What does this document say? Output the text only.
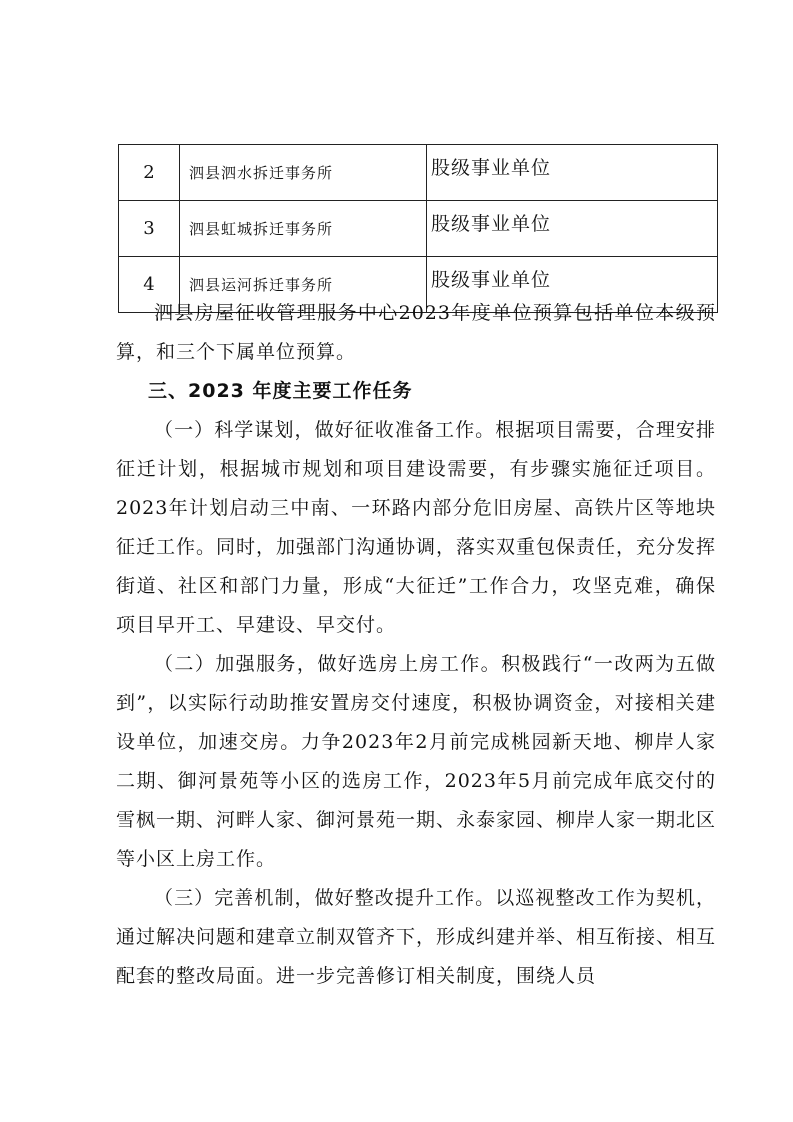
2	泗县泗水拆迁事务所	股级事业单位
3	泗县虹城拆迁事务所	股级事业单位
4	泗县运河拆迁事务所	股级事业单位

泗县房屋征收管理服务中心2023年度单位预算包括单位本级预算，和三个下属单位预算。

三、2023 年度主要工作任务

（一）科学谋划，做好征收准备工作。根据项目需要，合理安排征迁计划，根据城市规划和项目建设需要，有步骤实施征迁项目。2023年计划启动三中南、一环路内部分危旧房屋、高铁片区等地块征迁工作。同时，加强部门沟通协调，落实双重包保责任，充分发挥街道、社区和部门力量，形成“大征迁”工作合力，攻坚克难，确保项目早开工、早建设、早交付。

（二）加强服务，做好选房上房工作。积极践行“一改两为五做到”，以实际行动助推安置房交付速度，积极协调资金，对接相关建设单位，加速交房。力争2023年2月前完成桃园新天地、柳岸人家二期、御河景苑等小区的选房工作，2023年5月前完成年底交付的雪枫一期、河畔人家、御河景苑一期、永泰家园、柳岸人家一期北区等小区上房工作。

（三）完善机制，做好整改提升工作。以巡视整改工作为契机，通过解决问题和建章立制双管齐下，形成纠建并举、相互衔接、相互配套的整改局面。进一步完善修订相关制度，围绕人员
